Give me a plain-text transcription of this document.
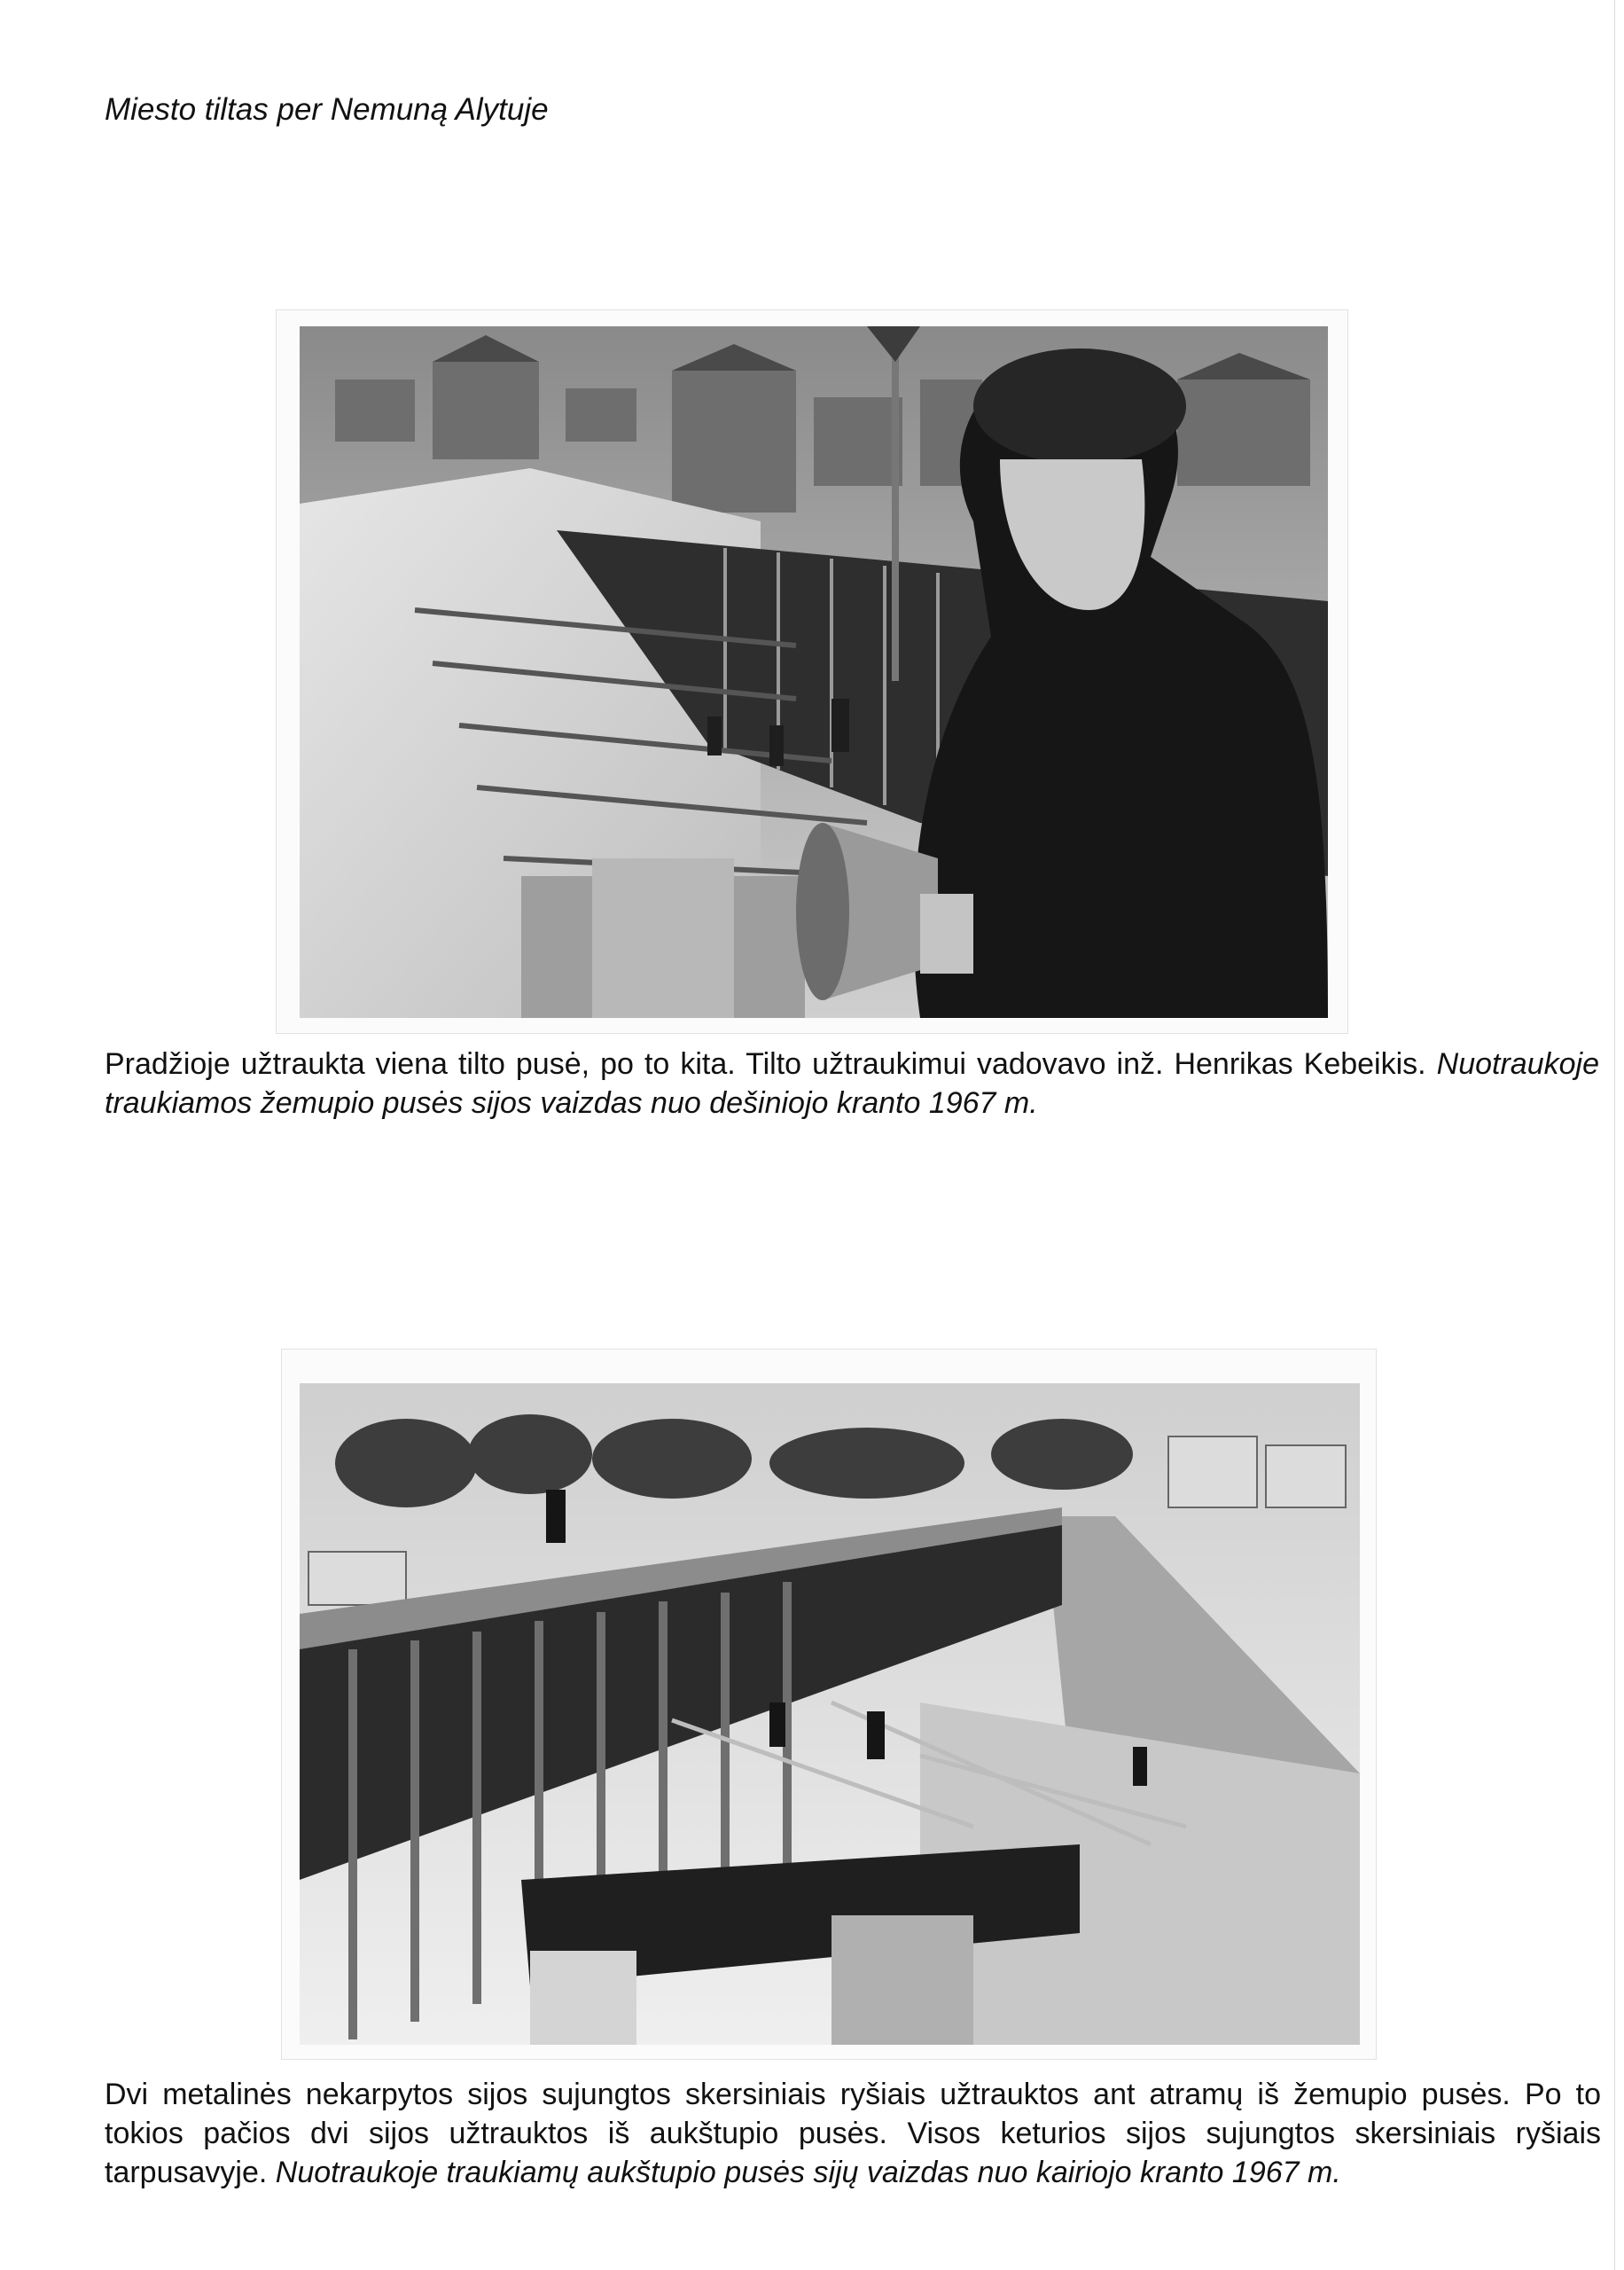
Miesto tiltas per Nemuną Alytuje

Pradžioje užtraukta viena tilto pusė, po to kita. Tilto užtraukimui vadovavo inž. Henrikas Kebeikis. Nuotraukoje traukiamos žemupio pusės sijos vaizdas nuo dešiniojo kranto 1967 m.

Dvi metalinės nekarpytos sijos sujungtos skersiniais ryšiais užtrauktos ant atramų iš žemupio pusės. Po to tokios pačios dvi sijos užtrauktos iš aukštupio pusės. Visos keturios sijos sujungtos skersiniais ryšiais tarpusavyje. Nuotraukoje traukiamų aukštupio pusės sijų vaizdas nuo kairiojo kranto 1967 m.
